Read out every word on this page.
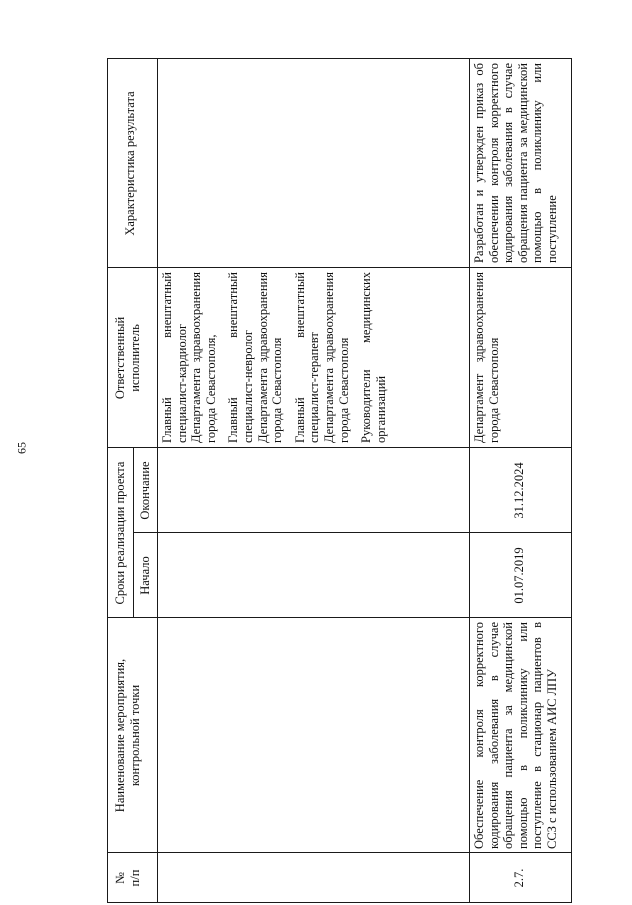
65
№
п/п
Наименование мероприятия, контрольной точки
Сроки реализации проекта Начало
Окончание
Ответственный исполнитель
Характеристика результата
Главный внештатный специалист-кардиолог Департамента здравоохранения города Севастополя, Главный внештатный специалист-невролог Департамента здравоохранения города Севастополя Главный внештатный специалист-терапевт Департамента здравоохранения города Севастополя Руководители медицинских организаций
2.7.
Обеспечение контроля корректного кодирования заболевания в случае обращения пациента за медицинской помощью в поликлинику или поступление в стационар пациентов в ССЗ с использованием АИС ЛПУ
01.07.2019
31.12.2024
Департамент здравоохранения города Севастополя
Разработан и утвержден приказ об обеспечении контроля корректного кодирования заболевания в случае обращения пациента за медицинской помощью в поликлинику или поступление
